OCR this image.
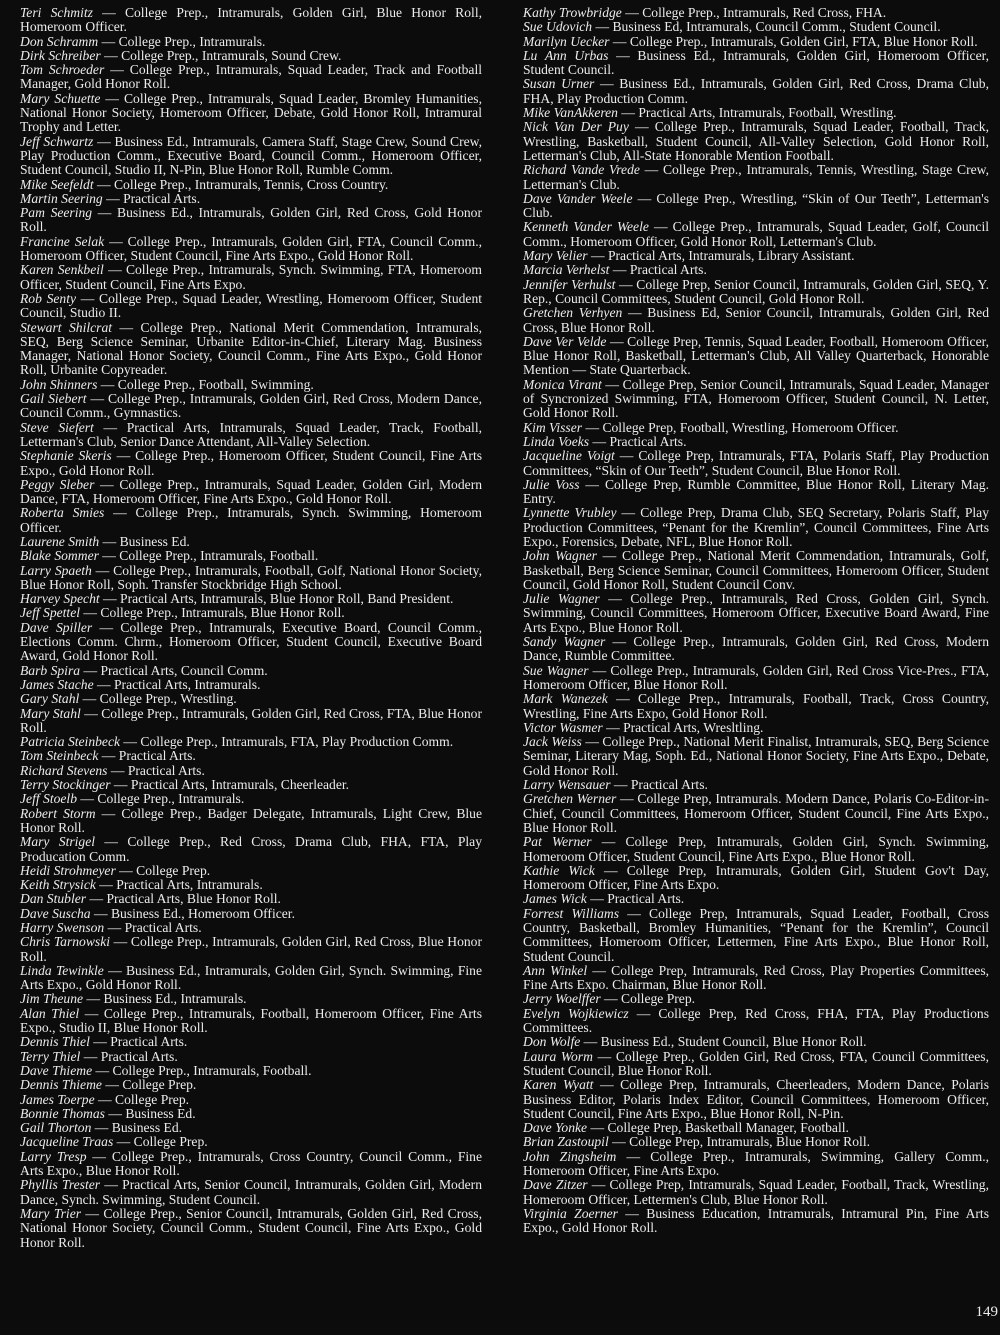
Teri Schmitz — College Prep., Intramurals, Golden Girl, Blue Honor Roll, Homeroom Officer.

Don Schramm — College Prep., Intramurals.

Dirk Schreiber — College Prep., Intramurals, Sound Crew.

Tom Schroeder — College Prep., Intramurals, Squad Leader, Track and Football Manager, Gold Honor Roll.

Mary Schuette — College Prep., Intramurals, Squad Leader, Bromley Humanities, National Honor Society, Homeroom Officer, Debate, Gold Honor Roll, Intramural Trophy and Letter.

Jeff Schwartz — Business Ed., Intramurals, Camera Staff, Stage Crew, Sound Crew, Play Production Comm., Executive Board, Council Comm., Homeroom Officer, Student Council, Studio II, N-Pin, Blue Honor Roll, Rumble Comm.

Mike Seefeldt — College Prep., Intramurals, Tennis, Cross Country.

Martin Seering — Practical Arts.

Pam Seering — Business Ed., Intramurals, Golden Girl, Red Cross, Gold Honor Roll.

Francine Selak — College Prep., Intramurals, Golden Girl, FTA, Council Comm., Homeroom Officer, Student Council, Fine Arts Expo., Gold Honor Roll.

Karen Senkbeil — College Prep., Intramurals, Synch. Swimming, FTA, Homeroom Officer, Student Council, Fine Arts Expo.

Rob Senty — College Prep., Squad Leader, Wrestling, Homeroom Officer, Student Council, Studio II.

Stewart Shilcrat — College Prep., National Merit Commendation, Intramurals, SEQ, Berg Science Seminar, Urbanite Editor-in-Chief, Literary Mag. Business Manager, National Honor Society, Council Comm., Fine Arts Expo., Gold Honor Roll, Urbanite Copyreader.

John Shinners — College Prep., Football, Swimming.

Gail Siebert — College Prep., Intramurals, Golden Girl, Red Cross, Modern Dance, Council Comm., Gymnastics.

Steve Siefert — Practical Arts, Intramurals, Squad Leader, Track, Football, Letterman's Club, Senior Dance Attendant, All-Valley Selection.

Stephanie Skeris — College Prep., Homeroom Officer, Student Council, Fine Arts Expo., Gold Honor Roll.

Peggy Sleber — College Prep., Intramurals, Squad Leader, Golden Girl, Modern Dance, FTA, Homeroom Officer, Fine Arts Expo., Gold Honor Roll.

Roberta Smies — College Prep., Intramurals, Synch. Swimming, Homeroom Officer.

Laurene Smith — Business Ed.

Blake Sommer — College Prep., Intramurals, Football.

Larry Spaeth — College Prep., Intramurals, Football, Golf, National Honor Society, Blue Honor Roll, Soph. Transfer Stockbridge High School.

Harvey Specht — Practical Arts, Intramurals, Blue Honor Roll, Band President.

Jeff Spettel — College Prep., Intramurals, Blue Honor Roll.

Dave Spiller — College Prep., Intramurals, Executive Board, Council Comm., Elections Comm. Chrm., Homeroom Officer, Student Council, Executive Board Award, Gold Honor Roll.

Barb Spira — Practical Arts, Council Comm.

James Stache — Practical Arts, Intramurals.

Gary Stahl — College Prep., Wrestling.

Mary Stahl — College Prep., Intramurals, Golden Girl, Red Cross, FTA, Blue Honor Roll.

Patricia Steinbeck — College Prep., Intramurals, FTA, Play Production Comm.

Tom Steinbeck — Practical Arts.

Richard Stevens — Practical Arts.

Terry Stockinger — Practical Arts, Intramurals, Cheerleader.

Jeff Stoelb — College Prep., Intramurals.

Robert Storm — College Prep., Badger Delegate, Intramurals, Light Crew, Blue Honor Roll.

Mary Strigel — College Prep., Red Cross, Drama Club, FHA, FTA, Play Producation Comm.

Heidi Strohmeyer — College Prep.

Keith Strysick — Practical Arts, Intramurals.

Dan Stubler — Practical Arts, Blue Honor Roll.

Dave Suscha — Business Ed., Homeroom Officer.

Harry Swenson — Practical Arts.

Chris Tarnowski — College Prep., Intramurals, Golden Girl, Red Cross, Blue Honor Roll.

Linda Tewinkle — Business Ed., Intramurals, Golden Girl, Synch. Swimming, Fine Arts Expo., Gold Honor Roll.

Jim Theune — Business Ed., Intramurals.

Alan Thiel — College Prep., Intramurals, Football, Homeroom Officer, Fine Arts Expo., Studio II, Blue Honor Roll.

Dennis Thiel — Practical Arts.

Terry Thiel — Practical Arts.

Dave Thieme — College Prep., Intramurals, Football.

Dennis Thieme — College Prep.

James Toerpe — College Prep.

Bonnie Thomas — Business Ed.

Gail Thorton — Business Ed.

Jacqueline Traas — College Prep.

Larry Tresp — College Prep., Intramurals, Cross Country, Council Comm., Fine Arts Expo., Blue Honor Roll.

Phyllis Trester — Practical Arts, Senior Council, Intramurals, Golden Girl, Modern Dance, Synch. Swimming, Student Council.

Mary Trier — College Prep., Senior Council, Intramurals, Golden Girl, Red Cross, National Honor Society, Council Comm., Student Council, Fine Arts Expo., Gold Honor Roll.

Kathy Trowbridge — College Prep., Intramurals, Red Cross, FHA.

Sue Udovich — Business Ed, Intramurals, Council Comm., Student Council.

Marilyn Uecker — College Prep., Intramurals, Golden Girl, FTA, Blue Honor Roll.

Lu Ann Urbas — Business Ed., Intramurals, Golden Girl, Homeroom Officer, Student Council.

Susan Urner — Business Ed., Intramurals, Golden Girl, Red Cross, Drama Club, FHA, Play Production Comm.

Mike VanAkkeren — Practical Arts, Intramurals, Football, Wrestling.

Nick Van Der Puy — College Prep., Intramurals, Squad Leader, Football, Track, Wrestling, Basketball, Student Council, All-Valley Selection, Gold Honor Roll, Letterman's Club, All-State Honorable Mention Football.

Richard Vande Vrede — College Prep., Intramurals, Tennis, Wrestling, Stage Crew, Letterman's Club.

Dave Vander Weele — College Prep., Wrestling, “Skin of Our Teeth”, Letterman's Club.

Kenneth Vander Weele — College Prep., Intramurals, Squad Leader, Golf, Council Comm., Homeroom Officer, Gold Honor Roll, Letterman's Club.

Mary Velier — Practical Arts, Intramurals, Library Assistant.

Marcia Verhelst — Practical Arts.

Jennifer Verhulst — College Prep, Senior Council, Intramurals, Golden Girl, SEQ, Y. Rep., Council Committees, Student Council, Gold Honor Roll.

Gretchen Verhyen — Business Ed, Senior Council, Intramurals, Golden Girl, Red Cross, Blue Honor Roll.

Dave Ver Velde — College Prep, Tennis, Squad Leader, Football, Homeroom Officer, Blue Honor Roll, Basketball, Letterman's Club, All Valley Quarterback, Honorable Mention — State Quarterback.

Monica Virant — College Prep, Senior Council, Intramurals, Squad Leader, Manager of Syncronized Swimming, FTA, Homeroom Officer, Student Council, N. Letter, Gold Honor Roll.

Kim Visser — College Prep, Football, Wrestling, Homeroom Officer.

Linda Voeks — Practical Arts.

Jacqueline Voigt — College Prep, Intramurals, FTA, Polaris Staff, Play Production Committees, “Skin of Our Teeth”, Student Council, Blue Honor Roll.

Julie Voss — College Prep, Rumble Committee, Blue Honor Roll, Literary Mag. Entry.

Lynnette Vrubley — College Prep, Drama Club, SEQ Secretary, Polaris Staff, Play Production Committees, “Penant for the Kremlin”, Council Committees, Fine Arts Expo., Forensics, Debate, NFL, Blue Honor Roll.

John Wagner — College Prep., National Merit Commendation, Intramurals, Golf, Basketball, Berg Science Seminar, Council Committees, Homeroom Officer, Student Council, Gold Honor Roll, Student Council Conv.

Julie Wagner — College Prep., Intramurals, Red Cross, Golden Girl, Synch. Swimming, Council Committees, Homeroom Officer, Executive Board Award, Fine Arts Expo., Blue Honor Roll.

Sandy Wagner — College Prep., Intramurals, Golden Girl, Red Cross, Modern Dance, Rumble Committee.

Sue Wagner — College Prep., Intramurals, Golden Girl, Red Cross Vice-Pres., FTA, Homeroom Officer, Blue Honor Roll.

Mark Wanezek — College Prep., Intramurals, Football, Track, Cross Country, Wrestling, Fine Arts Expo, Gold Honor Roll.

Victor Wasmer — Practical Arts, Wresltling.

Jack Weiss — College Prep., National Merit Finalist, Intramurals, SEQ, Berg Science Seminar, Literary Mag, Soph. Ed., National Honor Society, Fine Arts Expo., Debate, Gold Honor Roll.

Larry Wensauer — Practical Arts.

Gretchen Werner — College Prep, Intramurals. Modern Dance, Polaris Co-Editor-in-Chief, Council Committees, Homeroom Officer, Student Council, Fine Arts Expo., Blue Honor Roll.

Pat Werner — College Prep, Intramurals, Golden Girl, Synch. Swimming, Homeroom Officer, Student Council, Fine Arts Expo., Blue Honor Roll.

Kathie Wick — College Prep, Intramurals, Golden Girl, Student Gov't Day, Homeroom Officer, Fine Arts Expo.

James Wick — Practical Arts.

Forrest Williams — College Prep, Intramurals, Squad Leader, Football, Cross Country, Basketball, Bromley Humanities, “Penant for the Kremlin”, Council Committees, Homeroom Officer, Lettermen, Fine Arts Expo., Blue Honor Roll, Student Council.

Ann Winkel — College Prep, Intramurals, Red Cross, Play Properties Committees, Fine Arts Expo. Chairman, Blue Honor Roll.

Jerry Woelffer — College Prep.

Evelyn Wojkiewicz — College Prep, Red Cross, FHA, FTA, Play Productions Committees.

Don Wolfe — Business Ed., Student Council, Blue Honor Roll.

Laura Worm — College Prep., Golden Girl, Red Cross, FTA, Council Committees, Student Council, Blue Honor Roll.

Karen Wyatt — College Prep, Intramurals, Cheerleaders, Modern Dance, Polaris Business Editor, Polaris Index Editor, Council Committees, Homeroom Officer, Student Council, Fine Arts Expo., Blue Honor Roll, N-Pin.

Dave Yonke — College Prep, Basketball Manager, Football.

Brian Zastoupil — College Prep, Intramurals, Blue Honor Roll.

John Zingsheim — College Prep., Intramurals, Swimming, Gallery Comm., Homeroom Officer, Fine Arts Expo.

Dave Zitzer — College Prep, Intramurals, Squad Leader, Football, Track, Wrestling, Homeroom Officer, Lettermen's Club, Blue Honor Roll.

Virginia Zoerner — Business Education, Intramurals, Intramural Pin, Fine Arts Expo., Gold Honor Roll.

149
